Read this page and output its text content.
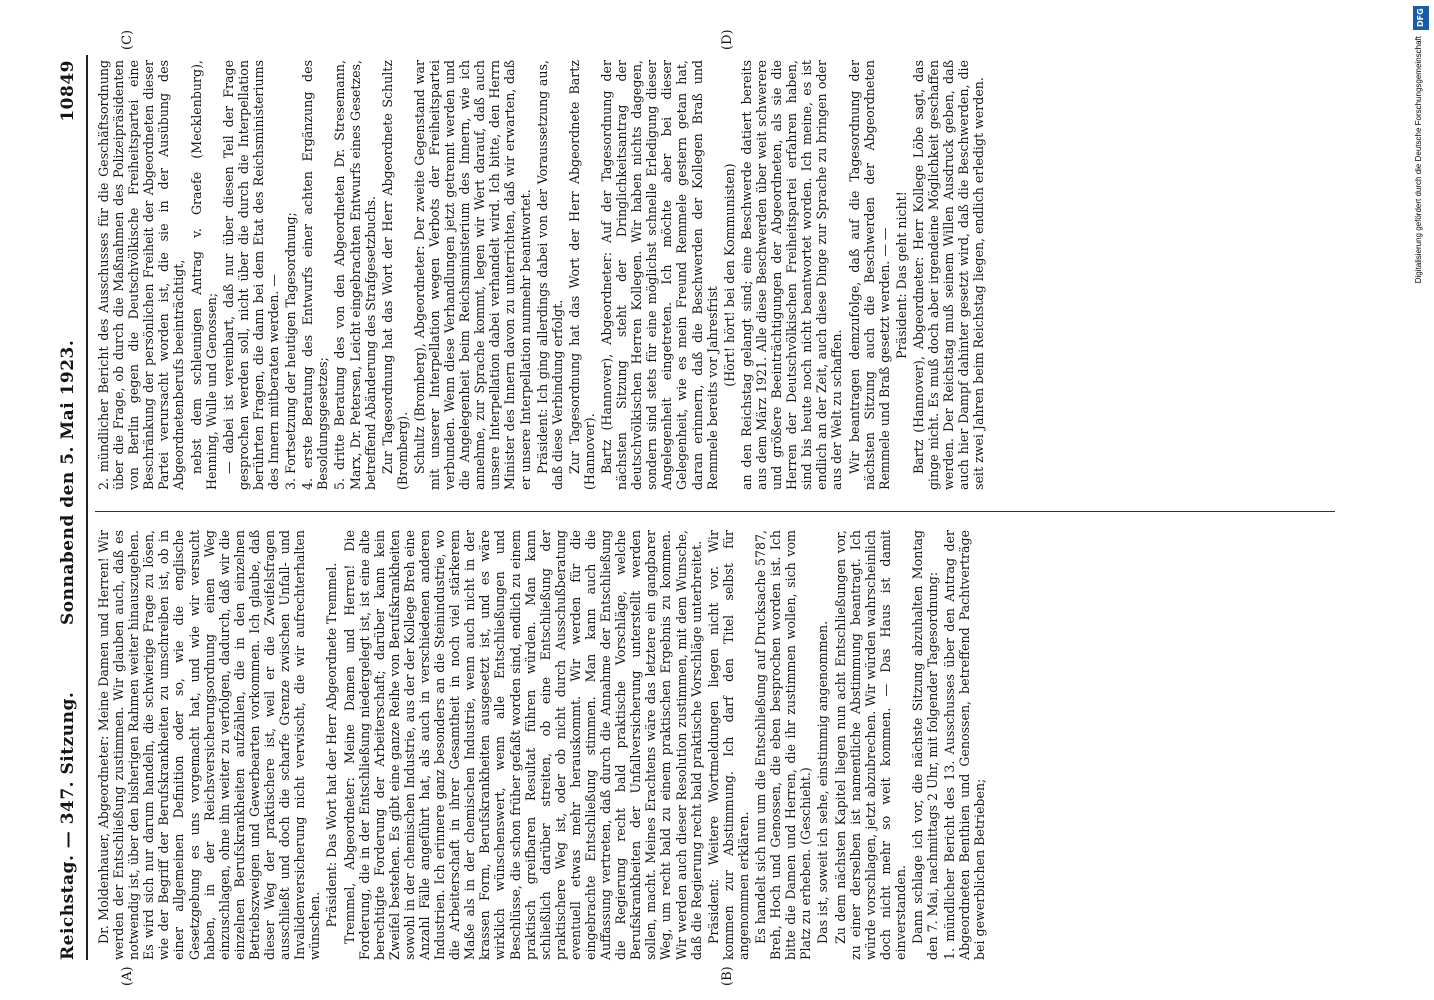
Reichstag. — 347. Sitzung.
Sonnabend den 5. Mai 1923.
10849
(A)	(B)
(C)	(D)

Dr. Moldenhauer, Abgeordneter: Meine Damen und Herren! Wir werden der Entschließung zustimmen. Wir glauben auch, daß es notwendig ist, über den bisherigen Rahmen weiter hinauszugehen. Es wird sich nur darum handeln, die schwierige Frage zu lösen, wie der Begriff der Berufskrankheiten zu umschreiben ist, ob in einer allgemeinen Definition oder so, wie die englische Gesetzgebung es uns vorgemacht hat, und wie wir versucht haben, in der Reichsversicherungsordnung einen Weg einzuschlagen, ohne ihn weiter zu verfolgen, dadurch, daß wir die einzelnen Berufskrankheiten aufzählen, die in den einzelnen Betriebszweigen und Gewerbearten vorkommen. Ich glaube, daß dieser Weg der praktischere ist, weil er die Zweifelsfragen ausschließt und doch die scharfe Grenze zwischen Unfall- und Invalidenversicherung nicht verwischt, die wir aufrechterhalten wünschen. Präsident: Das Wort hat der Herr Abgeordnete Tremmel. Tremmel, Abgeordneter: Meine Damen und Herren! Die Forderung, die in der Entschließung niedergelegt ist, ist eine alte berechtigte Forderung der Arbeiterschaft; darüber kann kein Zweifel bestehen. Es gibt eine ganze Reihe von Berufskrankheiten sowohl in der chemischen Industrie, aus der der Kollege Breh eine Anzahl Fälle angeführt hat, als auch in verschiedenen anderen Industrien. Ich erinnere ganz besonders an die Steinindustrie, wo die Arbeiterschaft in ihrer Gesamtheit in noch viel stärkerem Maße als in der chemischen Industrie, wenn auch nicht in der krassen Form, Berufskrankheiten ausgesetzt ist, und es wäre wirklich wünschenswert, wenn alle Entschließungen und Beschlüsse, die schon früher gefaßt worden sind, endlich zu einem praktisch greifbaren Resultat führen würden. Man kann schließlich darüber streiten, ob eine Entschließung der praktischere Weg ist, oder ob nicht durch Ausschußberatung eventuell etwas mehr herauskommt. Wir werden für die eingebrachte Entschließung stimmen. Man kann auch die Auffassung vertreten, daß durch die Annahme der Entschließung die Regierung recht bald praktische Vorschläge, welche Berufskrankheiten der Unfallversicherung unterstellt werden sollen, macht. Meines Erachtens wäre das letztere ein gangbarer Weg, um recht bald zu einem praktischen Ergebnis zu kommen. Wir werden auch dieser Resolution zustimmen, mit dem Wunsche, daß die Regierung recht bald praktische Vorschläge unterbreitet. Präsident: Weitere Wortmeldungen liegen nicht vor. Wir kommen zur Abstimmung. Ich darf den Titel selbst für angenommen erklären. Es handelt sich nun um die Entschließung auf Drucksache 5787, Breh, Hoch und Genossen, die eben besprochen worden ist. Ich bitte die Damen und Herren, die ihr zustimmen wollen, sich vom Platz zu erheben. (Geschieht.) Das ist, soweit ich sehe, einstimmig angenommen. Zu dem nächsten Kapitel liegen nun acht Entschließungen vor, zu einer derselben ist namentliche Abstimmung beantragt. Ich würde vorschlagen, jetzt abzubrechen. Wir würden wahrscheinlich doch nicht mehr so weit kommen. — Das Haus ist damit einverstanden. Dann schlage ich vor, die nächste Sitzung abzuhalten Montag den 7. Mai, nachmittags 2 Uhr, mit folgender Tagesordnung: 1. mündlicher Bericht des 13. Ausschusses über den Antrag der Abgeordneten Benthien und Genossen, betreffend Pachtverträge bei gewerblichen Betrieben;

2. mündlicher Bericht des Ausschusses für die Geschäftsordnung über die Frage, ob durch die Maßnahmen des Polizeipräsidenten von Berlin gegen die Deutschvölkische Freiheitspartei eine Beschränkung der persönlichen Freiheit der Abgeordneten dieser Partei verursacht worden ist, die sie in der Ausübung des Abgeordnetenberufs beeinträchtigt, nebst dem schleunigen Antrag v. Graefe (Mecklenburg), Henning, Wulle und Genossen; — dabei ist vereinbart, daß nur über diesen Teil der Frage gesprochen werden soll, nicht über die durch die Interpellation berührten Fragen, die dann bei dem Etat des Reichsministeriums des Innern mitberaten werden. — 3. Fortsetzung der heutigen Tagesordnung; 4. erste Beratung des Entwurfs einer achten Ergänzung des Besoldungsgesetzes; 5. dritte Beratung des von den Abgeordneten Dr. Stresemann, Marx, Dr. Petersen, Leicht eingebrachten Entwurfs eines Gesetzes, betreffend Abänderung des Strafgesetzbuchs. Zur Tagesordnung hat das Wort der Herr Abgeordnete Schultz (Bromberg). Schultz (Bromberg), Abgeordneter: Der zweite Gegenstand war mit unserer Interpellation wegen Verbots der Freiheitspartei verbunden. Wenn diese Verhandlungen jetzt getrennt werden und die Angelegenheit beim Reichsministerium des Innern, wie ich annehme, zur Sprache kommt, legen wir Wert darauf, daß auch unsere Interpellation dabei verhandelt wird. Ich bitte, den Herrn Minister des Innern davon zu unterrichten, daß wir erwarten, daß er unsere Interpellation nunmehr beantwortet. Präsident: Ich ging allerdings dabei von der Voraussetzung aus, daß diese Verbindung erfolgt. Zur Tagesordnung hat das Wort der Herr Abgeordnete Bartz (Hannover). Bartz (Hannover), Abgeordneter: Auf der Tagesordnung der nächsten Sitzung steht der Dringlichkeitsantrag der deutschvölkischen Herren Kollegen. Wir haben nichts dagegen, sondern sind stets für eine möglichst schnelle Erledigung dieser Angelegenheit eingetreten. Ich möchte aber bei dieser Gelegenheit, wie es mein Freund Remmele gestern getan hat, daran erinnern, daß die Beschwerden der Kollegen Braß und Remmele bereits vor Jahresfrist

(Hört! hört! bei den Kommunisten) an den Reichstag gelangt sind; eine Beschwerde datiert bereits aus dem März 1921. Alle diese Beschwerden über weit schwerere und größere Beeinträchtigungen der Abgeordneten, als sie die Herren der Deutschvölkischen Freiheitspartei erfahren haben, sind bis heute noch nicht beantwortet worden. Ich meine, es ist endlich an der Zeit, auch diese Dinge zur Sprache zu bringen oder aus der Welt zu schaffen. Wir beantragen demzufolge, daß auf die Tagesordnung der nächsten Sitzung auch die Beschwerden der Abgeordneten Remmele und Braß gesetzt werden. — — Präsident: Das geht nicht! Bartz (Hannover), Abgeordneter: Herr Kollege Löbe sagt, das ginge nicht. Es muß doch aber irgendeine Möglichkeit geschaffen werden. Der Reichstag muß seinem Willen Ausdruck geben, daß auch hier Dampf dahinter gesetzt wird, daß die Beschwerden, die seit zwei Jahren beim Reichstag liegen, endlich erledigt werden.

DFG
Digitalisierung gefördert durch die Deutsche Forschungsgemeinschaft
